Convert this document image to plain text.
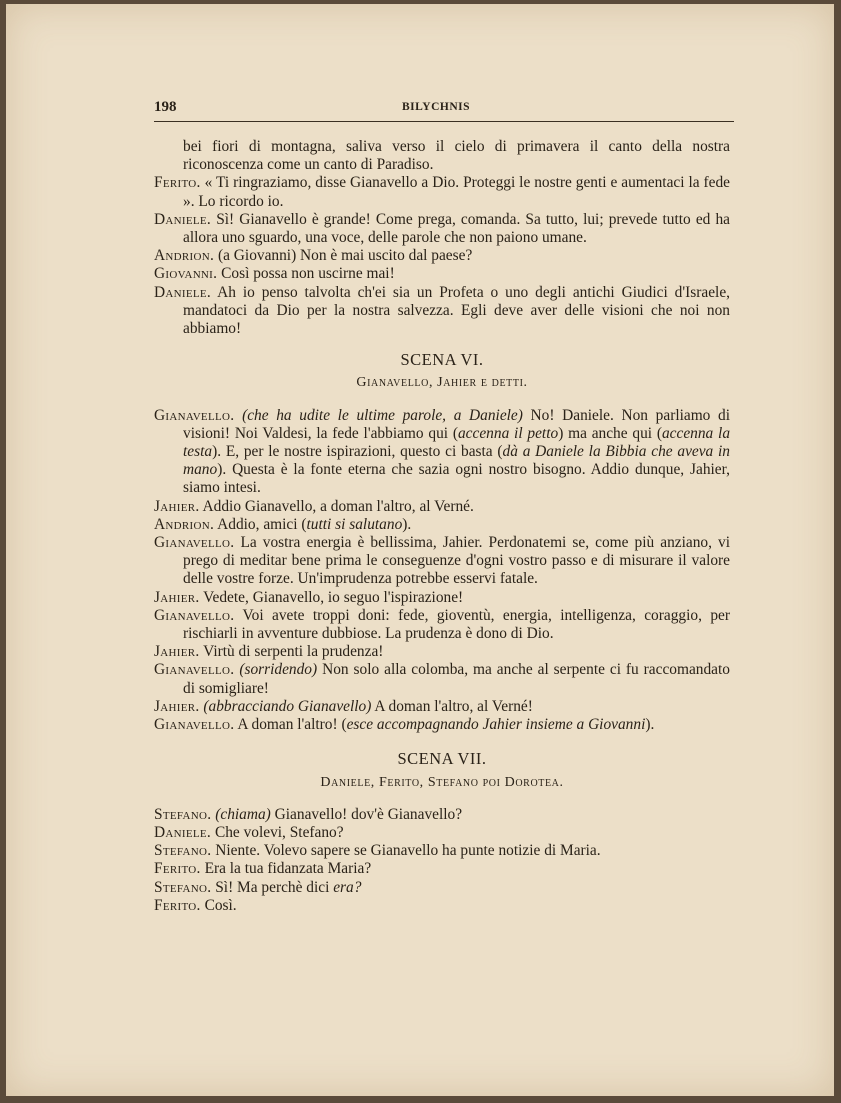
198	BILYCHNIS

bei fiori di montagna, saliva verso il cielo di primavera il canto della nostra riconoscenza come un canto di Paradiso.

Ferito. « Ti ringraziamo, disse Gianavello a Dio. Proteggi le nostre genti e aumentaci la fede ». Lo ricordo io.

Daniele. Sì! Gianavello è grande! Come prega, comanda. Sa tutto, lui; prevede tutto ed ha allora uno sguardo, una voce, delle parole che non paiono umane.

Andrion. (a Giovanni) Non è mai uscito dal paese?

Giovanni. Così possa non uscirne mai!

Daniele. Ah io penso talvolta ch'ei sia un Profeta o uno degli antichi Giudici d'Israele, mandatoci da Dio per la nostra salvezza. Egli deve aver delle visioni che noi non abbiamo!

SCENA VI.
Gianavello, Jahier e detti.

Gianavello. (che ha udite le ultime parole, a Daniele) No! Daniele. Non parliamo di visioni! Noi Valdesi, la fede l'abbiamo qui (accenna il petto) ma anche qui (accenna la testa). E, per le nostre ispirazioni, questo ci basta (dà a Daniele la Bibbia che aveva in mano). Questa è la fonte eterna che sazia ogni nostro bisogno. Addio dunque, Jahier, siamo intesi.

Jahier. Addio Gianavello, a doman l'altro, al Verné.

Andrion. Addio, amici (tutti si salutano).

Gianavello. La vostra energia è bellissima, Jahier. Perdonatemi se, come più anziano, vi prego di meditar bene prima le conseguenze d'ogni vostro passo e di misurare il valore delle vostre forze. Un'imprudenza potrebbe esservi fatale.

Jahier. Vedete, Gianavello, io seguo l'ispirazione!

Gianavello. Voi avete troppi doni: fede, gioventù, energia, intelligenza, coraggio, per rischiarli in avventure dubbiose. La prudenza è dono di Dio.

Jahier. Virtù di serpenti la prudenza!

Gianavello. (sorridendo) Non solo alla colomba, ma anche al serpente ci fu raccomandato di somigliare!

Jahier. (abbracciando Gianavello) A doman l'altro, al Verné!

Gianavello. A doman l'altro! (esce accompagnando Jahier insieme a Giovanni).

SCENA VII.
Daniele, Ferito, Stefano poi Dorotea.

Stefano. (chiama) Gianavello! dov'è Gianavello?

Daniele. Che volevi, Stefano?

Stefano. Niente. Volevo sapere se Gianavello ha punte notizie di Maria.

Ferito. Era la tua fidanzata Maria?

Stefano. Sì! Ma perchè dici era?

Ferito. Così.
